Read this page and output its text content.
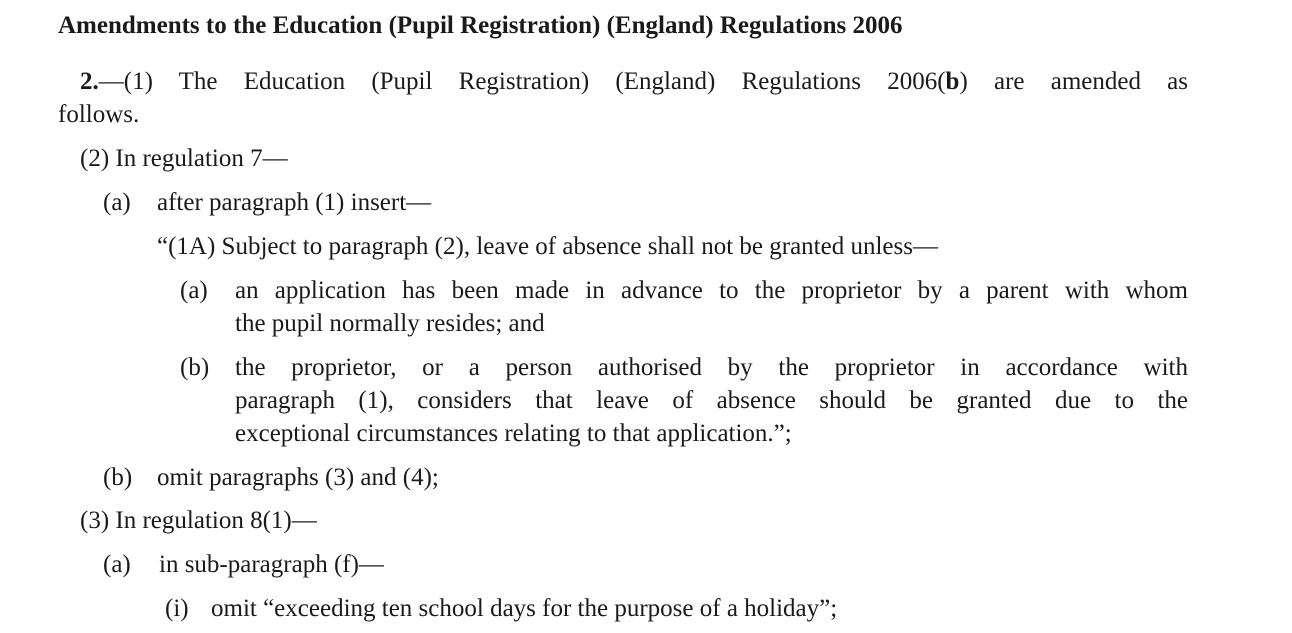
Amendments to the Education (Pupil Registration) (England) Regulations 2006
2.—(1) The Education (Pupil Registration) (England) Regulations 2006(b) are amended as
follows.
(2) In regulation 7—
(a) after paragraph (1) insert—
“(1A) Subject to paragraph (2), leave of absence shall not be granted unless—
(a) an application has been made in advance to the proprietor by a parent with whom
the pupil normally resides; and
(b) the proprietor, or a person authorised by the proprietor in accordance with
paragraph (1), considers that leave of absence should be granted due to the
exceptional circumstances relating to that application.”;
(b) omit paragraphs (3) and (4);
(3) In regulation 8(1)—
(a) in sub-paragraph (f)—
(i) omit “exceeding ten school days for the purpose of a holiday”;
